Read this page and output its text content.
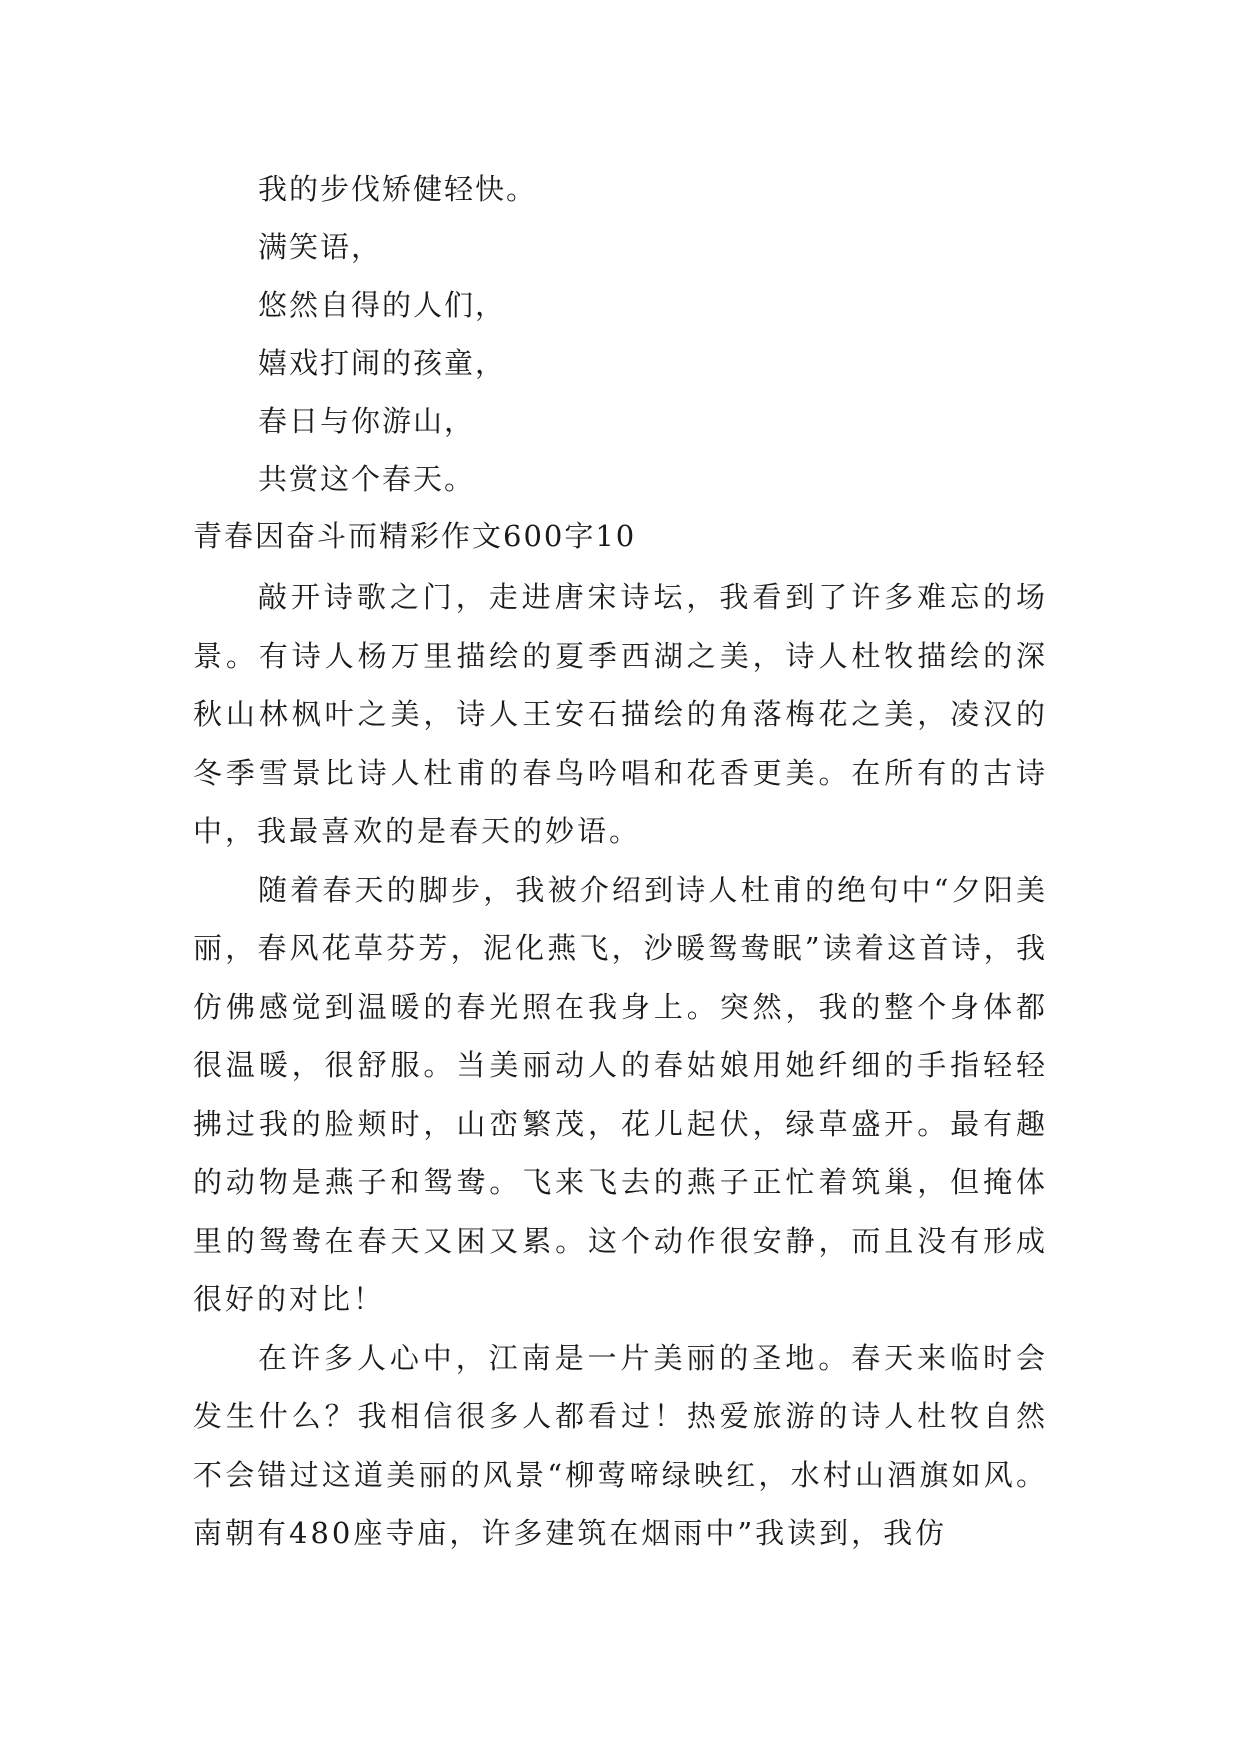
我的步伐矫健轻快。
满笑语，
悠然自得的人们，
嬉戏打闹的孩童，
春日与你游山，
共赏这个春天。
青春因奋斗而精彩作文600字10

敲开诗歌之门，走进唐宋诗坛，我看到了许多难忘的场景。有诗人杨万里描绘的夏季西湖之美，诗人杜牧描绘的深秋山林枫叶之美，诗人王安石描绘的角落梅花之美，凌汉的冬季雪景比诗人杜甫的春鸟吟唱和花香更美。在所有的古诗中，我最喜欢的是春天的妙语。

随着春天的脚步，我被介绍到诗人杜甫的绝句中“夕阳美丽，春风花草芬芳，泥化燕飞，沙暖鸳鸯眠”读着这首诗，我仿佛感觉到温暖的春光照在我身上。突然，我的整个身体都很温暖，很舒服。当美丽动人的春姑娘用她纤细的手指轻轻拂过我的脸颊时，山峦繁茂，花儿起伏，绿草盛开。最有趣的动物是燕子和鸳鸯。飞来飞去的燕子正忙着筑巢，但掩体里的鸳鸯在春天又困又累。这个动作很安静，而且没有形成很好的对比！

在许多人心中，江南是一片美丽的圣地。春天来临时会发生什么？我相信很多人都看过！热爱旅游的诗人杜牧自然不会错过这道美丽的风景“柳莺啼绿映红，水村山酒旗如风。南朝有480座寺庙，许多建筑在烟雨中”我读到，我仿
